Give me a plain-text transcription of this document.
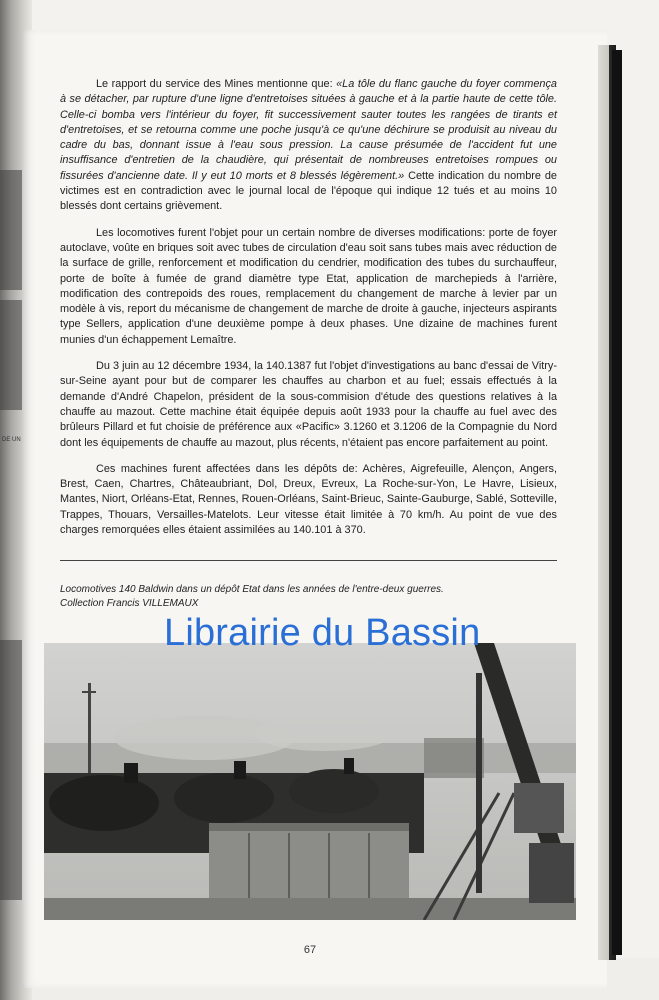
DE UN

Le rapport du service des Mines mentionne que: «La tôle du flanc gauche du foyer commença à se détacher, par rupture d'une ligne d'entretoises situées à gauche et à la partie haute de cette tôle. Celle-ci bomba vers l'intérieur du foyer, fit successivement sauter toutes les rangées de tirants et d'entretoises, et se retourna comme une poche jusqu'à ce qu'une déchirure se produisit au niveau du cadre du bas, donnant issue à l'eau sous pression. La cause présumée de l'accident fut une insuffisance d'entretien de la chaudière, qui présentait de nombreuses entretoises rompues ou fissurées d'ancienne date. Il y eut 10 morts et 8 blessés légèrement.» Cette indication du nombre de victimes est en contradiction avec le journal local de l'époque qui indique 12 tués et au moins 10 blessés dont certains grièvement.

Les locomotives furent l'objet pour un certain nombre de diverses modifications: porte de foyer autoclave, voûte en briques soit avec tubes de circulation d'eau soit sans tubes mais avec réduction de la surface de grille, renforcement et modification du cendrier, modification des tubes du surchauffeur, porte de boîte à fumée de grand diamètre type Etat, application de marchepieds à l'arrière, modification des contrepoids des roues, remplacement du changement de marche à levier par un modèle à vis, report du mécanisme de changement de marche de droite à gauche, injecteurs aspirants type Sellers, application d'une deuxième pompe à deux phases. Une dizaine de machines furent munies d'un échappement Lemaître.

Du 3 juin au 12 décembre 1934, la 140.1387 fut l'objet d'investigations au banc d'essai de Vitry-sur-Seine ayant pour but de comparer les chauffes au charbon et au fuel; essais effectués à la demande d'André Chapelon, président de la sous-commision d'étude des questions relatives à la chauffe au mazout. Cette machine était équipée depuis août 1933 pour la chauffe au fuel avec des brûleurs Pillard et fut choisie de préférence aux «Pacific» 3.1260 et 3.1206 de la Compagnie du Nord dont les équipements de chauffe au mazout, plus récents, n'étaient pas encore parfaitement au point.

Ces machines furent affectées dans les dépôts de: Achères, Aigrefeuille, Alençon, Angers, Brest, Caen, Chartres, Châteaubriant, Dol, Dreux, Evreux, La Roche-sur-Yon, Le Havre, Lisieux, Mantes, Niort, Orléans-Etat, Rennes, Rouen-Orléans, Saint-Brieuc, Sainte-Gauburge, Sablé, Sotteville, Trappes, Thouars, Versailles-Matelots. Leur vitesse était limitée à 70 km/h. Au point de vue des charges remorquées elles étaient assimilées au 140.101 à 370.

Locomotives 140 Baldwin dans un dépôt Etat dans les années de l'entre-deux guerres.
Collection Francis VILLEMAUX
Librairie du Bassin
67
